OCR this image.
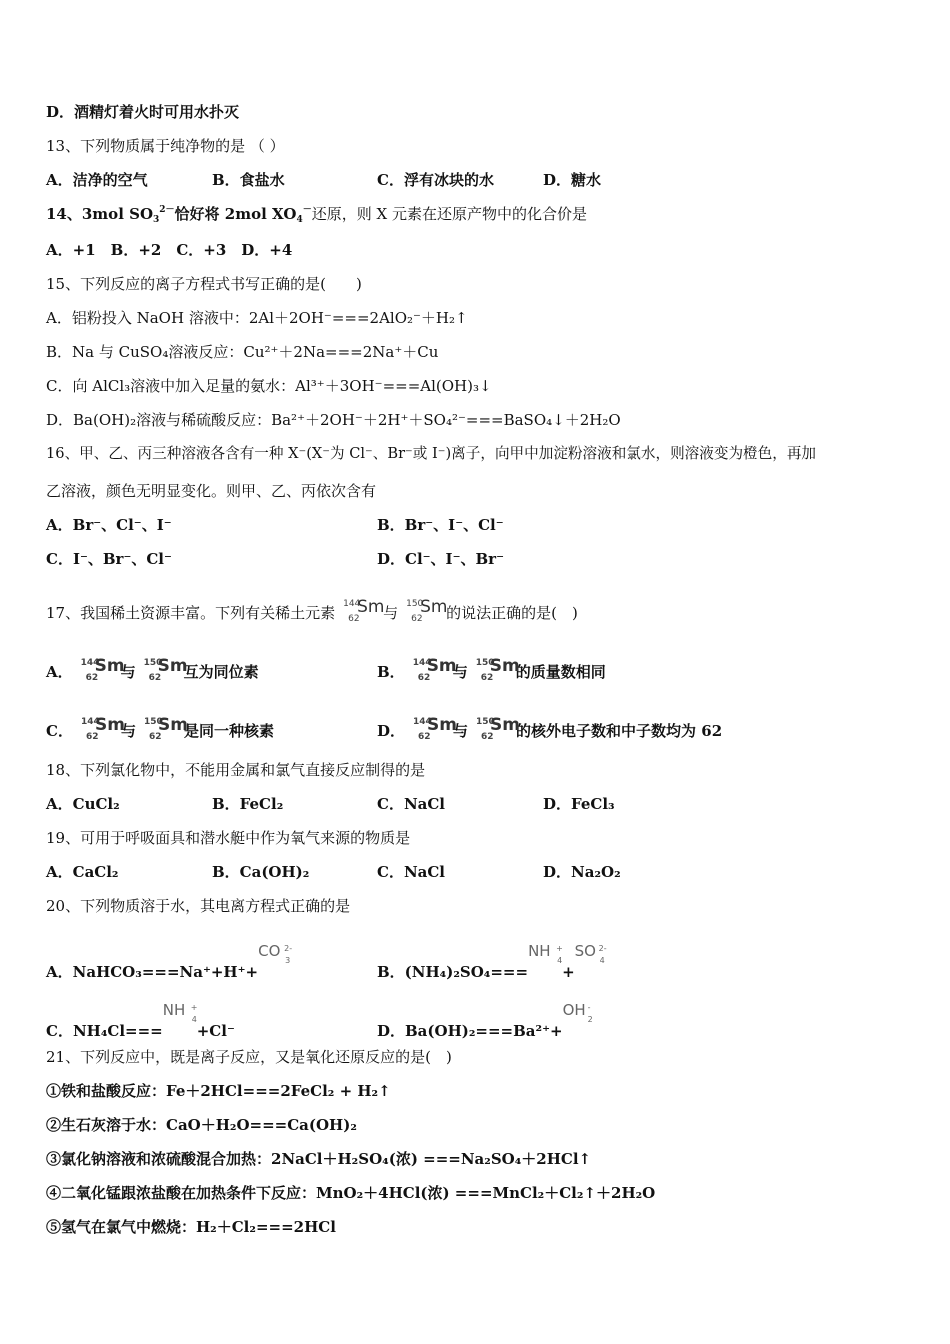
D．酒精灯着火时可用水扑灭
13、下列物质属于纯净物的是 （ ）
A．洁净的空气	B．食盐水	C．浮有冰块的水	D．糖水
14、3mol $SO_3^{2-}$恰好将 2mol $XO_4^-$还原，则 X 元素在还原产物中的化合价是
A．+1　B．+2　C．+3　D．+4
15、下列反应的离子方程式书写正确的是(　　)
A．铝粉投入 NaOH 溶液中：2Al＋2OH⁻===2AlO₂⁻＋H₂↑
B．Na 与 CuSO₄溶液反应：Cu²⁺＋2Na===2Na⁺＋Cu
C．向 AlCl₃溶液中加入足量的氨水：Al³⁺＋3OH⁻===Al(OH)₃↓
D．Ba(OH)₂溶液与稀硫酸反应：Ba²⁺＋2OH⁻＋2H⁺＋SO₄²⁻===BaSO₄↓＋2H₂O
16、甲、乙、丙三种溶液各含有一种 X⁻(X⁻为 Cl⁻、Br⁻或 I⁻)离子，向甲中加淀粉溶液和氯水，则溶液变为橙色，再加
乙溶液，颜色无明显变化。则甲、乙、丙依次含有
A．Br⁻、Cl⁻、I⁻	B．Br⁻、I⁻、Cl⁻
C．I⁻、Br⁻、Cl⁻	D．Cl⁻、I⁻、Br⁻
17、我国稀土资源丰富。下列有关稀土元素 144
62
Sm
与 150
62
Sm
的说法正确的是(　)
A． 144
62
Sm
与 150
62
Sm
互为同位素	B． 144
62
Sm
与 150
62
Sm
的质量数相同
C． 144
62
Sm
与 150
62
Sm
是同一种核素	D． 144
62
Sm
与 150
62
Sm
的核外电子数和中子数均为 62
18、下列氯化物中，不能用金属和氯气直接反应制得的是
A．CuCl₂	B．FeCl₂	C．NaCl	D．FeCl₃
19、可用于呼吸面具和潜水艇中作为氧气来源的物质是
A．CaCl₂	B．Ca(OH)₂	C．NaCl	D．Na₂O₂
20、下列物质溶于水，其电离方程式正确的是
A．NaHCO₃===Na⁺+H⁺+
CO 2-
3
B．(NH₄)₂SO₄===
NH +
4
+
SO 2-
4
C．NH₄Cl===
NH +
4
+Cl⁻	D．Ba(OH)₂===Ba²⁺+
OH -
2
21、下列反应中，既是离子反应，又是氧化还原反应的是(　)
①铁和盐酸反应：Fe＋2HCl===2FeCl₂ + H₂↑
②生石灰溶于水：CaO＋H₂O===Ca(OH)₂
③氯化钠溶液和浓硫酸混合加热：2NaCl＋H₂SO₄(浓) ===Na₂SO₄＋2HCl↑
④二氧化锰跟浓盐酸在加热条件下反应：MnO₂＋4HCl(浓) ===MnCl₂＋Cl₂↑＋2H₂O
⑤氢气在氯气中燃烧：H₂＋Cl₂===2HCl
